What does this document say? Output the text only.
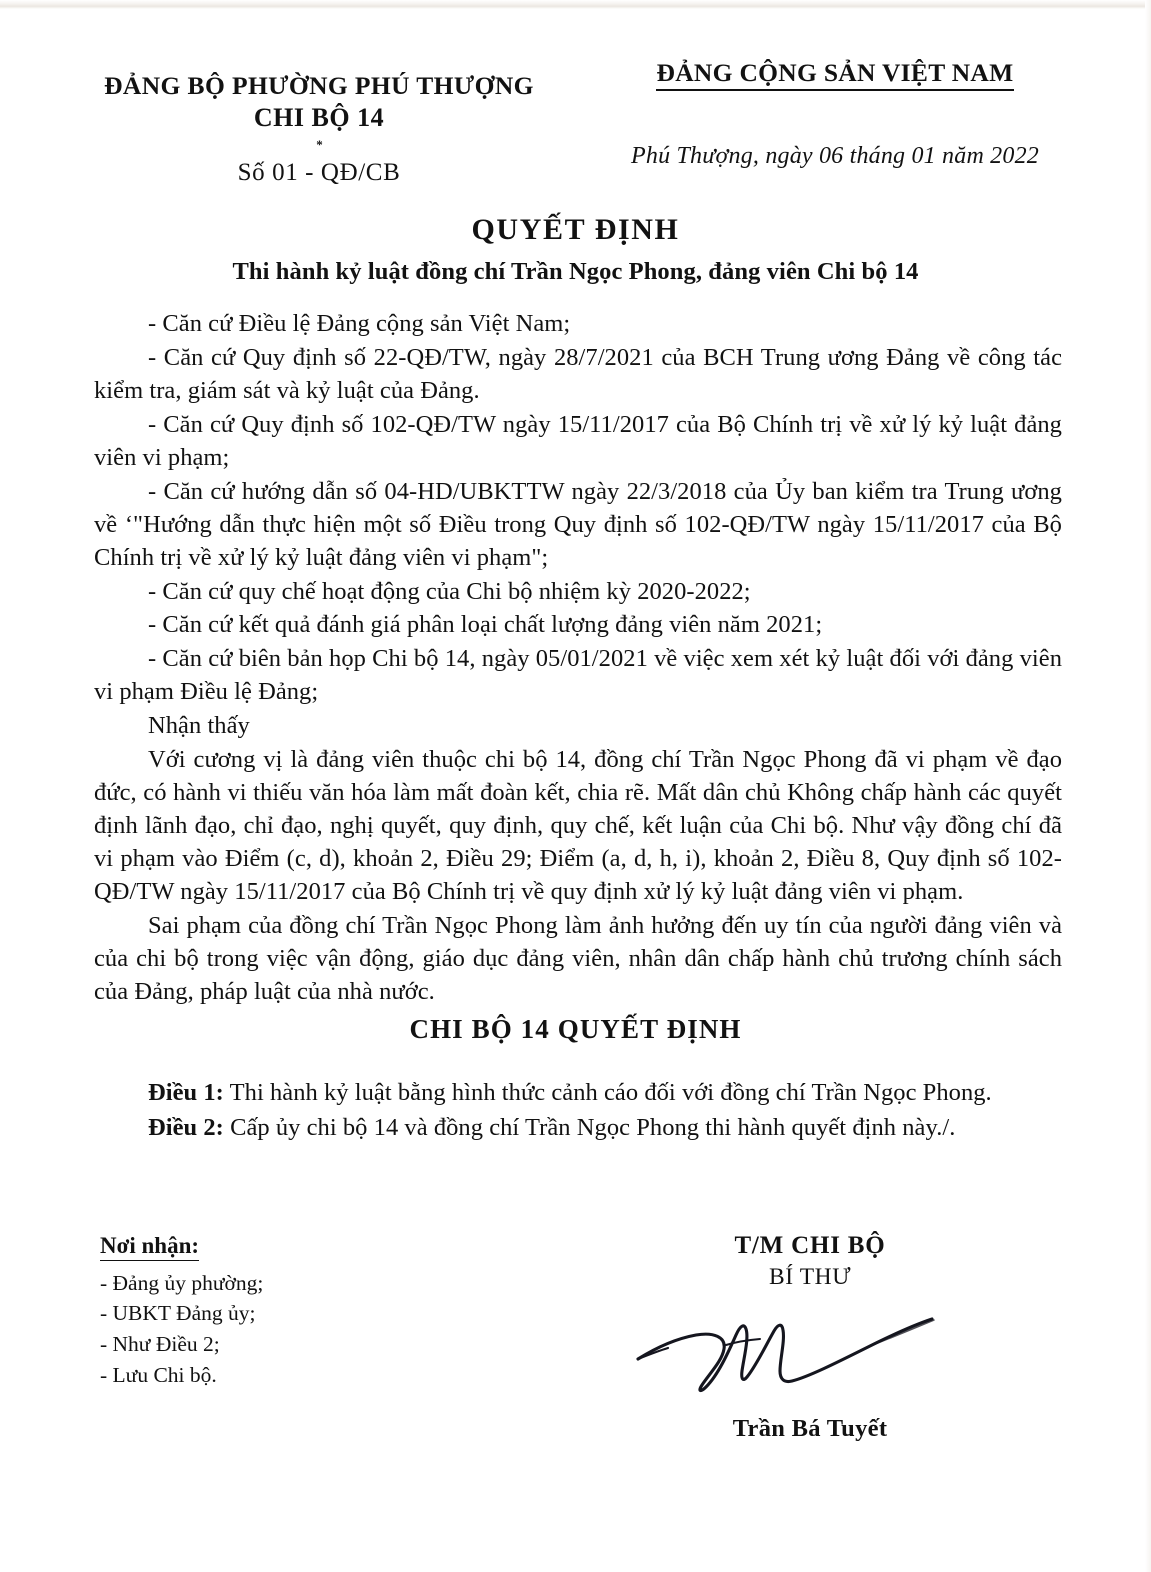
ĐẢNG BỘ PHƯỜNG PHÚ THƯỢNG
CHI BỘ 14
*
Số 01 - QĐ/CB
ĐẢNG CỘNG SẢN VIỆT NAM
Phú Thượng, ngày 06 tháng 01 năm 2022
QUYẾT ĐỊNH
Thi hành kỷ luật đồng chí Trần Ngọc Phong, đảng viên Chi bộ 14

- Căn cứ Điều lệ Đảng cộng sản Việt Nam;

- Căn cứ Quy định số 22-QĐ/TW, ngày 28/7/2021 của BCH Trung ương Đảng về công tác kiểm tra, giám sát và kỷ luật của Đảng.

- Căn cứ Quy định số 102-QĐ/TW ngày 15/11/2017 của Bộ Chính trị về xử lý kỷ luật đảng viên vi phạm;

- Căn cứ hướng dẫn số 04-HD/UBKTTW ngày 22/3/2018 của Ủy ban kiểm tra Trung ương về ‘"Hướng dẫn thực hiện một số Điều trong Quy định số 102-QĐ/TW ngày 15/11/2017 của Bộ Chính trị về xử lý kỷ luật đảng viên vi phạm";

- Căn cứ quy chế hoạt động của Chi bộ nhiệm kỳ 2020-2022;

- Căn cứ kết quả đánh giá phân loại chất lượng đảng viên năm 2021;

- Căn cứ biên bản họp Chi bộ 14, ngày 05/01/2021 về việc xem xét kỷ luật đối với đảng viên vi phạm Điều lệ Đảng;

Nhận thấy

Với cương vị là đảng viên thuộc chi bộ 14, đồng chí Trần Ngọc Phong đã vi phạm về đạo đức, có hành vi thiếu văn hóa làm mất đoàn kết, chia rẽ. Mất dân chủ Không chấp hành các quyết định lãnh đạo, chỉ đạo, nghị quyết, quy định, quy chế, kết luận của Chi bộ. Như vậy đồng chí đã vi phạm vào Điểm (c, d), khoản 2, Điều 29; Điểm (a, d, h, i), khoản 2, Điều 8, Quy định số 102-QĐ/TW ngày 15/11/2017 của Bộ Chính trị về quy định xử lý kỷ luật đảng viên vi phạm.

Sai phạm của đồng chí Trần Ngọc Phong làm ảnh hưởng đến uy tín của người đảng viên và của chi bộ trong việc vận động, giáo dục đảng viên, nhân dân chấp hành chủ trương chính sách của Đảng, pháp luật của nhà nước.

CHI BỘ 14 QUYẾT ĐỊNH

Điều 1: Thi hành kỷ luật bằng hình thức cảnh cáo đối với đồng chí Trần Ngọc Phong.

Điều 2: Cấp ủy chi bộ 14 và đồng chí Trần Ngọc Phong thi hành quyết định này./.

Nơi nhận:
- Đảng ủy phường;
- UBKT Đảng ủy;
- Như Điều 2;
- Lưu Chi bộ.
T/M CHI BỘ
BÍ THƯ
Trần Bá Tuyết
